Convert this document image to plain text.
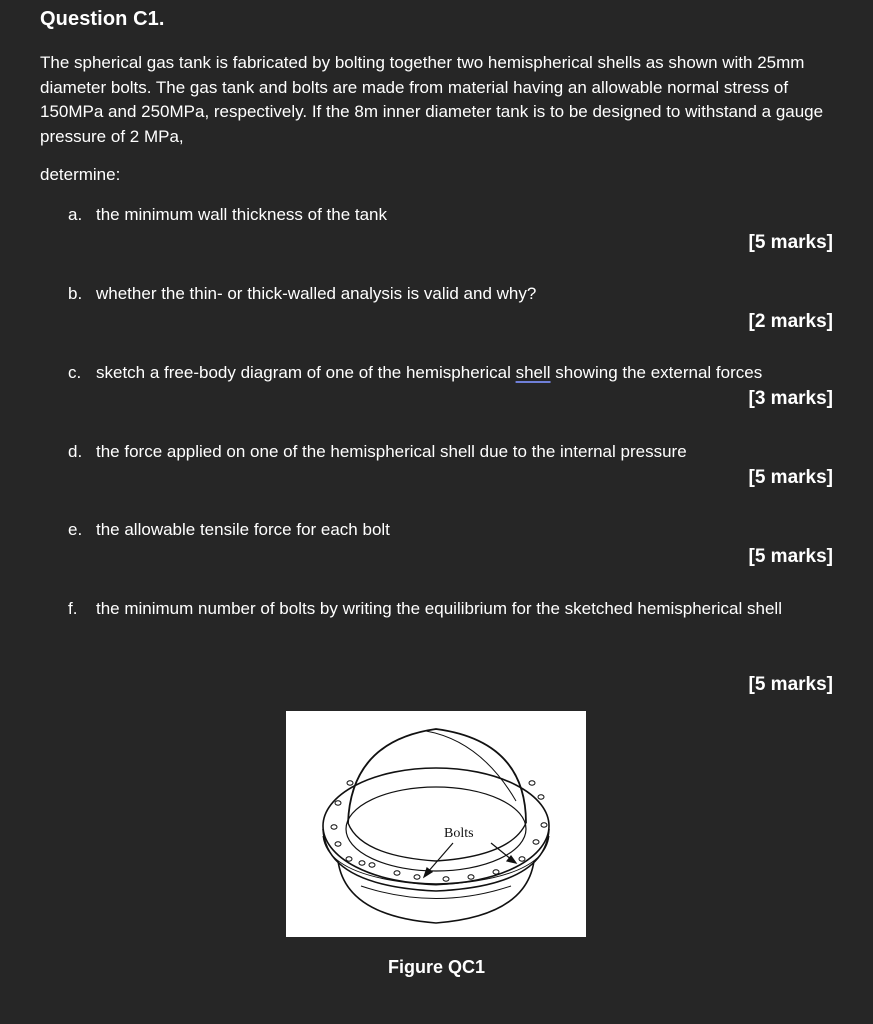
Question C1.
The spherical gas tank is fabricated by bolting together two hemispherical shells as shown with 25mm diameter bolts. The gas tank and bolts are made from material having an allowable normal stress of 150MPa and 250MPa, respectively. If the 8m inner diameter tank is to be designed to withstand a gauge pressure of 2 MPa,
determine:
a. the minimum wall thickness of the tank
[5 marks]
b. whether the thin- or thick-walled analysis is valid and why?
[2 marks]
c. sketch a free-body diagram of one of the hemispherical shell showing the external forces
[3 marks]
d. the force applied on one of the hemispherical shell due to the internal pressure
[5 marks]
e. the allowable tensile force for each bolt
[5 marks]
f.	the minimum number of bolts by writing the equilibrium for the sketched hemispherical shell
[5 marks]
Bolts
Figure QC1
